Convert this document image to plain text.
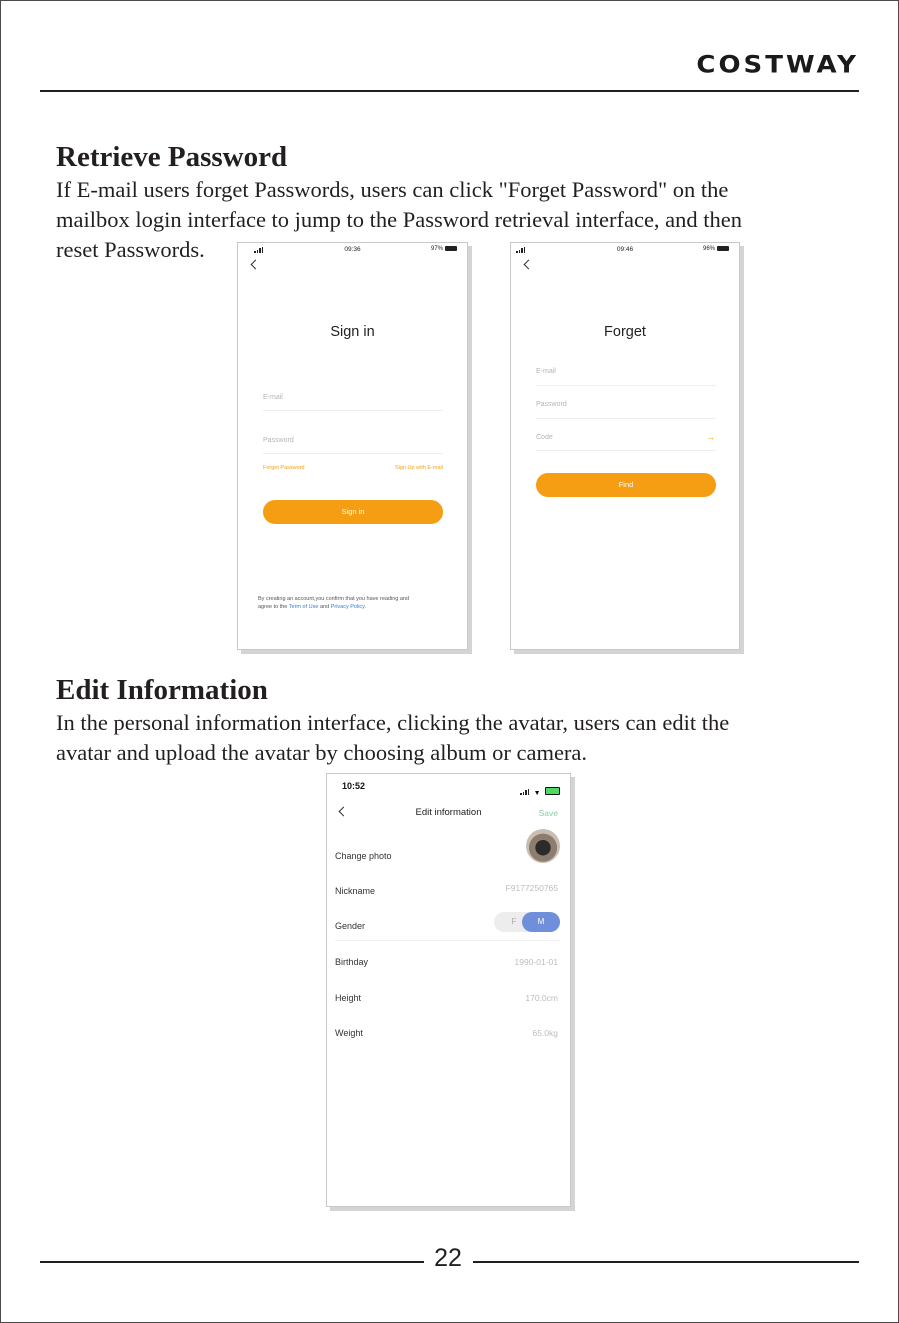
COSTWAY
Retrieve Password

If E-mail users forget Passwords, users can click "Forget Password" on the
mailbox login interface to jump to the Password retrieval interface, and then
reset Passwords.	09:36	97%
Sign in
E-mail
Password
Forget Password	Sign Up with E-mail
Sign in
By creating an account,you confirm that you have reading and
agree to the Term of Use and Privacy Policy.
09:46	96%
Forget
E-mail
Password
Code	→
Find
Edit Information

In the personal information interface, clicking the avatar, users can edit the
avatar and upload the avatar by choosing album or camera.

10:52
▼
Edit information	Save
Change photo
Nickname	F9177250765
Gender	F	M
Birthday	1990-01-01
Height	170.0cm
Weight	65.0kg
22
